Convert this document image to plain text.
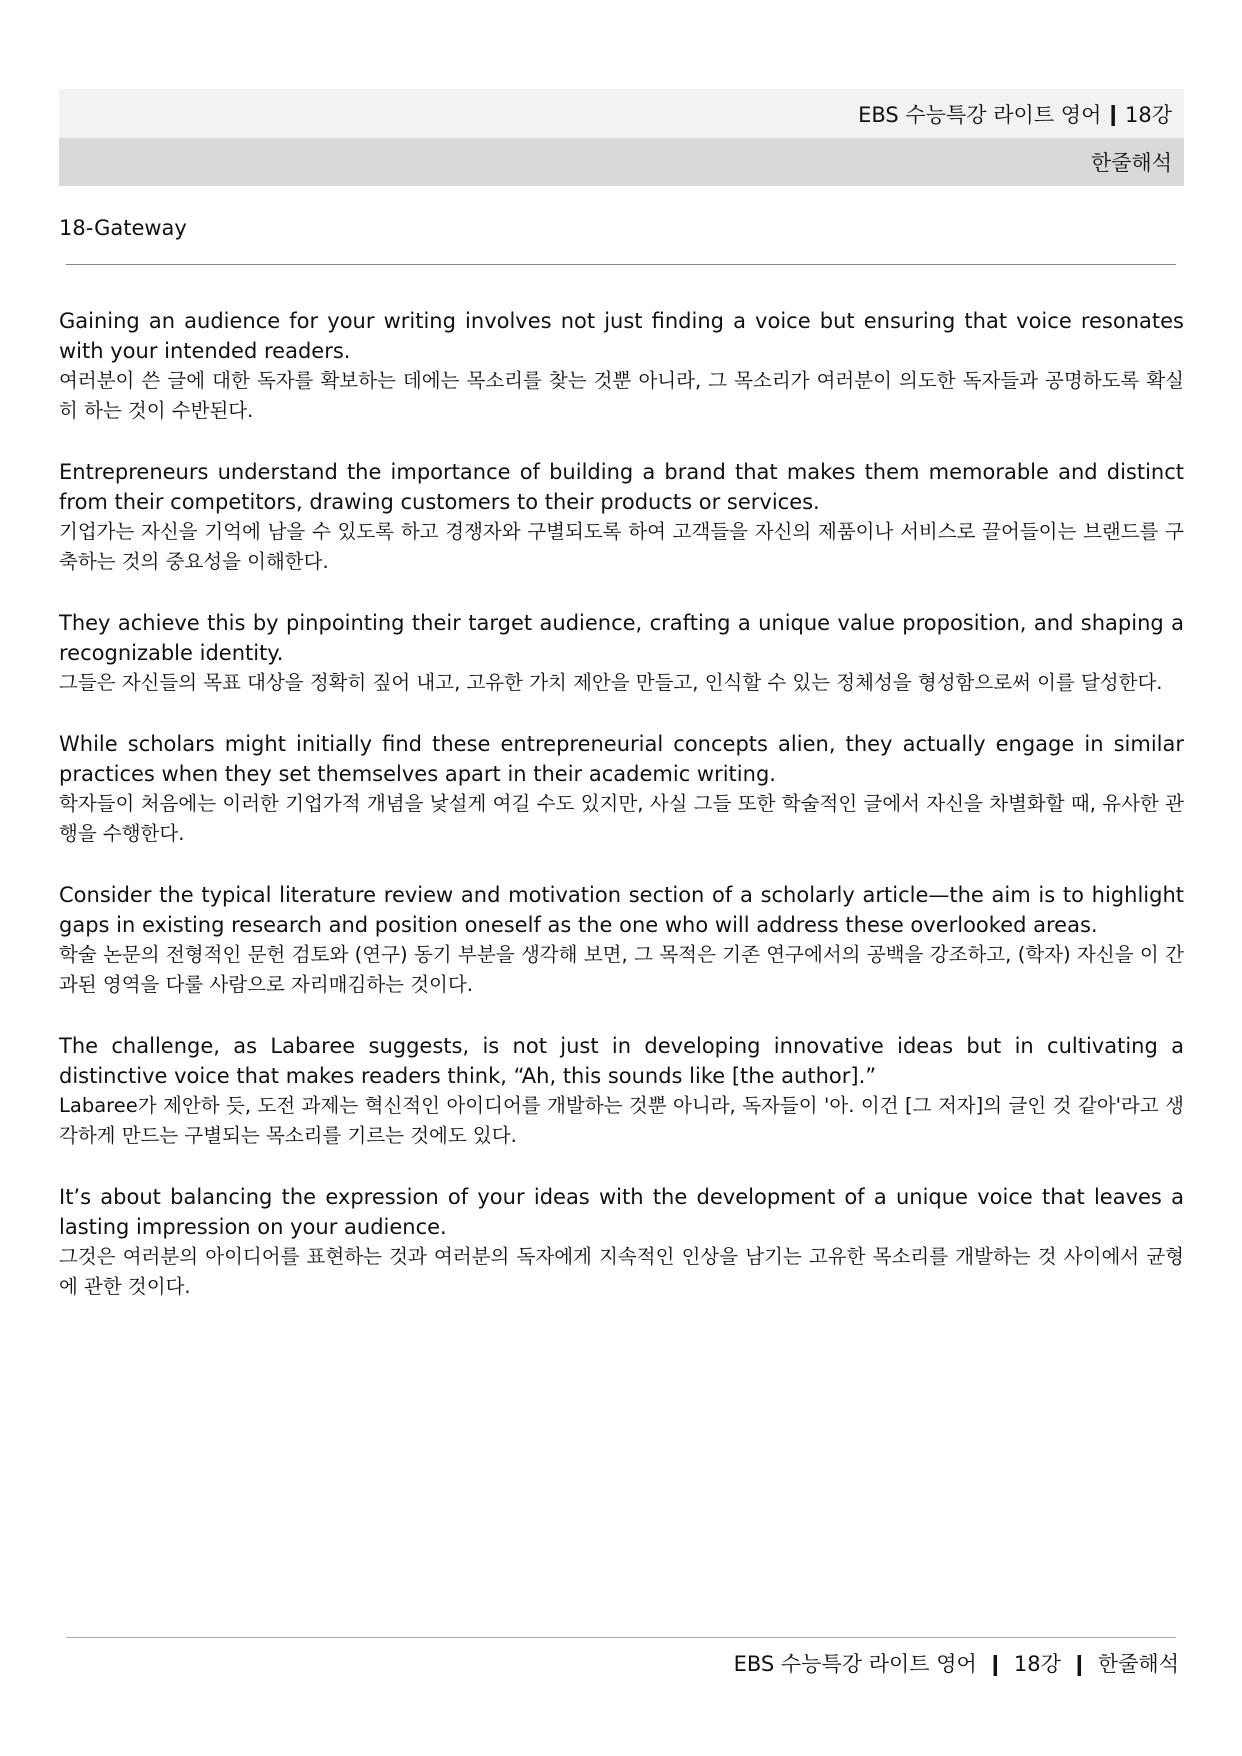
EBS 수능특강 라이트 영어 ❙ 18강
한줄해석
18-Gateway

Gaining an audience for your writing involves not just finding a voice but ensuring that voice resonates with your intended readers.

여러분이 쓴 글에 대한 독자를 확보하는 데에는 목소리를 찾는 것뿐 아니라, 그 목소리가 여러분이 의도한 독자들과 공명하도록 확실히 하는 것이 수반된다.

Entrepreneurs understand the importance of building a brand that makes them memorable and distinct from their competitors, drawing customers to their products or services.

기업가는 자신을 기억에 남을 수 있도록 하고 경쟁자와 구별되도록 하여 고객들을 자신의 제품이나 서비스로 끌어들이는 브랜드를 구축하는 것의 중요성을 이해한다.

They achieve this by pinpointing their target audience, crafting a unique value proposition, and shaping a recognizable identity.

그들은 자신들의 목표 대상을 정확히 짚어 내고, 고유한 가치 제안을 만들고, 인식할 수 있는 정체성을 형성함으로써 이를 달성한다.

While scholars might initially find these entrepreneurial concepts alien, they actually engage in similar practices when they set themselves apart in their academic writing.

학자들이 처음에는 이러한 기업가적 개념을 낯설게 여길 수도 있지만, 사실 그들 또한 학술적인 글에서 자신을 차별화할 때, 유사한 관행을 수행한다.

Consider the typical literature review and motivation section of a scholarly article—the aim is to highlight gaps in existing research and position oneself as the one who will address these overlooked areas.

학술 논문의 전형적인 문헌 검토와 (연구) 동기 부분을 생각해 보면, 그 목적은 기존 연구에서의 공백을 강조하고, (학자) 자신을 이 간과된 영역을 다룰 사람으로 자리매김하는 것이다.

The challenge, as Labaree suggests, is not just in developing innovative ideas but in cultivating a distinctive voice that makes readers think, “Ah, this sounds like [the author].”

Labaree가 제안하 듯, 도전 과제는 혁신적인 아이디어를 개발하는 것뿐 아니라, 독자들이 '아. 이건 [그 저자]의 글인 것 같아'라고 생각하게 만드는 구별되는 목소리를 기르는 것에도 있다.

It’s about balancing the expression of your ideas with the development of a unique voice that leaves a lasting impression on your audience.

그것은 여러분의 아이디어를 표현하는 것과 여러분의 독자에게 지속적인 인상을 남기는 고유한 목소리를 개발하는 것 사이에서 균형에 관한 것이다.

EBS 수능특강 라이트 영어 ❙ 18강 ❙ 한줄해석
